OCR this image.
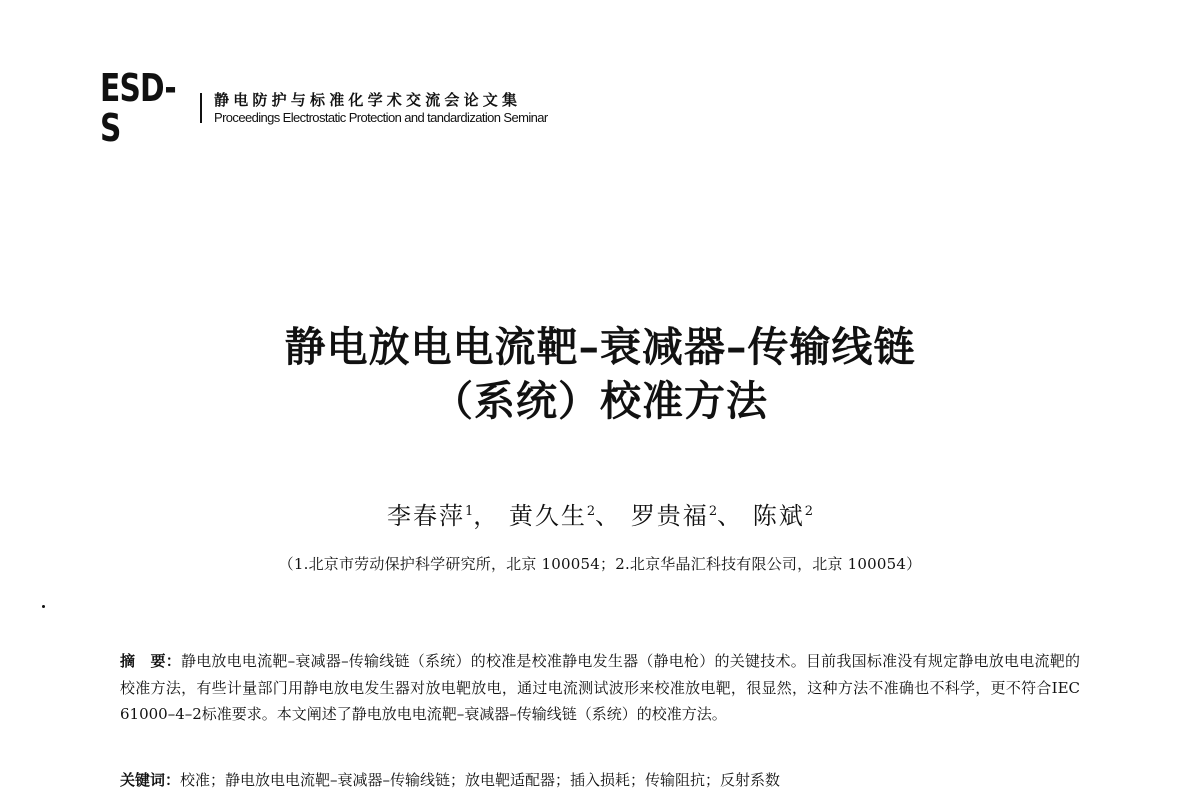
ESD-S
静电防护与标准化学术交流会论文集
Proceedings Electrostatic Protection and tandardization Seminar
静电放电电流靶–衰减器–传输线链
（系统）校准方法
李春萍$^1$， 黄久生$^2$、 罗贵福$^2$、 陈斌$^2$
（1.北京市劳动保护科学研究所，北京 100054；2.北京华晶汇科技有限公司，北京 100054）
摘　要：静电放电电流靶–衰减器–传输线链（系统）的校准是校准静电发生器（静电枪）的关键技术。目前我国标准没有规定静电放电电流靶的校准方法，有些计量部门用静电放电发生器对放电靶放电，通过电流测试波形来校准放电靶，很显然，这种方法不准确也不科学，更不符合IEC 61000–4–2标准要求。本文阐述了静电放电电流靶–衰减器–传输线链（系统）的校准方法。
关键词：校准；静电放电电流靶–衰减器–传输线链；放电靶适配器；插入损耗；传输阻抗；反射系数
